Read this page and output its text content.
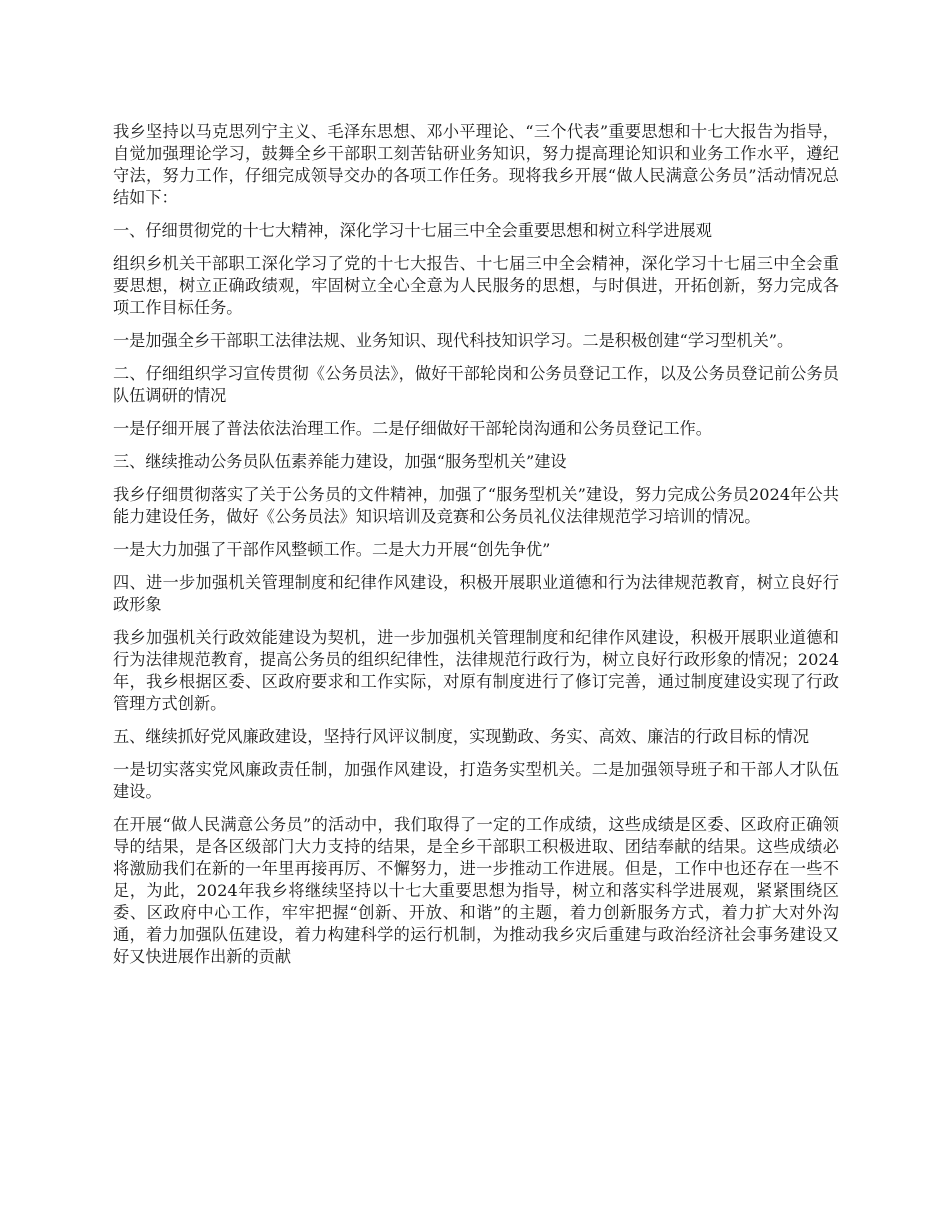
我乡坚持以马克思列宁主义、毛泽东思想、邓小平理论、“三个代表”重要思想和十七大报告为指导，自觉加强理论学习，鼓舞全乡干部职工刻苦钻研业务知识，努力提高理论知识和业务工作水平，遵纪守法，努力工作，仔细完成领导交办的各项工作任务。现将我乡开展“做人民满意公务员”活动情况总结如下：

一、仔细贯彻党的十七大精神，深化学习十七届三中全会重要思想和树立科学进展观

组织乡机关干部职工深化学习了党的十七大报告、十七届三中全会精神，深化学习十七届三中全会重要思想，树立正确政绩观，牢固树立全心全意为人民服务的思想，与时俱进，开拓创新，努力完成各项工作目标任务。

一是加强全乡干部职工法律法规、业务知识、现代科技知识学习。二是积极创建“学习型机关”。

二、仔细组织学习宣传贯彻《公务员法》，做好干部轮岗和公务员登记工作，以及公务员登记前公务员队伍调研的情况

一是仔细开展了普法依法治理工作。二是仔细做好干部轮岗沟通和公务员登记工作。

三、继续推动公务员队伍素养能力建设，加强“服务型机关”建设

我乡仔细贯彻落实了关于公务员的文件精神，加强了“服务型机关”建设，努力完成公务员2024年公共能力建设任务，做好《公务员法》知识培训及竞赛和公务员礼仪法律规范学习培训的情况。

一是大力加强了干部作风整顿工作。二是大力开展“创先争优”

四、进一步加强机关管理制度和纪律作风建设，积极开展职业道德和行为法律规范教育，树立良好行政形象

我乡加强机关行政效能建设为契机，进一步加强机关管理制度和纪律作风建设，积极开展职业道德和行为法律规范教育，提高公务员的组织纪律性，法律规范行政行为，树立良好行政形象的情况；2024年，我乡根据区委、区政府要求和工作实际，对原有制度进行了修订完善，通过制度建设实现了行政管理方式创新。

五、继续抓好党风廉政建设，坚持行风评议制度，实现勤政、务实、高效、廉洁的行政目标的情况

一是切实落实党风廉政责任制，加强作风建设，打造务实型机关。二是加强领导班子和干部人才队伍建设。

在开展“做人民满意公务员”的活动中，我们取得了一定的工作成绩，这些成绩是区委、区政府正确领导的结果，是各区级部门大力支持的结果，是全乡干部职工积极进取、团结奉献的结果。这些成绩必将激励我们在新的一年里再接再厉、不懈努力，进一步推动工作进展。但是，工作中也还存在一些不足，为此，2024年我乡将继续坚持以十七大重要思想为指导，树立和落实科学进展观，紧紧围绕区委、区政府中心工作，牢牢把握“创新、开放、和谐”的主题，着力创新服务方式，着力扩大对外沟通，着力加强队伍建设，着力构建科学的运行机制，为推动我乡灾后重建与政治经济社会事务建设又好又快进展作出新的贡献
